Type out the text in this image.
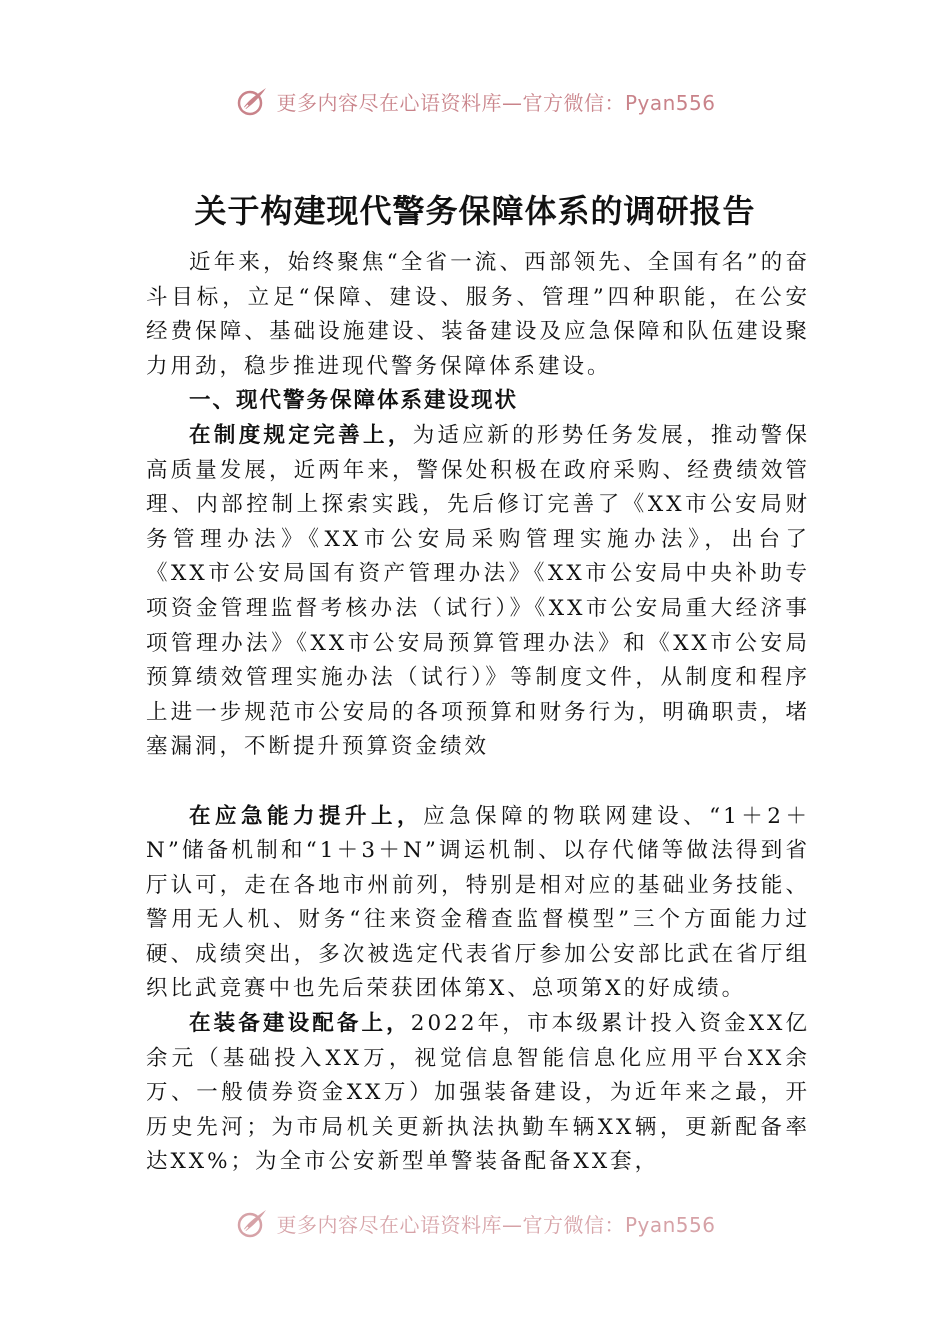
更多内容尽在心语资料库—官方微信：Pyan556
关于构建现代警务保障体系的调研报告

近年来，始终聚焦“全省一流、西部领先、全国有名”的奋斗目标，立足“保障、建设、服务、管理”四种职能，在公安经费保障、基础设施建设、装备建设及应急保障和队伍建设聚力用劲，稳步推进现代警务保障体系建设。

一、现代警务保障体系建设现状

在制度规定完善上，为适应新的形势任务发展，推动警保高质量发展，近两年来，警保处积极在政府采购、经费绩效管理、内部控制上探索实践，先后修订完善了《XX市公安局财务管理办法》《XX市公安局采购管理实施办法》，出台了《XX市公安局国有资产管理办法》《XX市公安局中央补助专项资金管理监督考核办法（试行）》《XX市公安局重大经济事项管理办法》《XX市公安局预算管理办法》和《XX市公安局预算绩效管理实施办法（试行）》等制度文件，从制度和程序上进一步规范市公安局的各项预算和财务行为，明确职责，堵塞漏洞，不断提升预算资金绩效

在应急能力提升上，应急保障的物联网建设、“1＋2＋N”储备机制和“1＋3＋N”调运机制、以存代储等做法得到省厅认可，走在各地市州前列，特别是相对应的基础业务技能、警用无人机、财务“往来资金稽查监督模型”三个方面能力过硬、成绩突出，多次被选定代表省厅参加公安部比武在省厅组织比武竞赛中也先后荣获团体第X、总项第X的好成绩。

在装备建设配备上，2022年，市本级累计投入资金XX亿余元（基础投入XX万，视觉信息智能信息化应用平台XX余万、一般债券资金XX万）加强装备建设，为近年来之最，开历史先河；为市局机关更新执法执勤车辆XX辆，更新配备率达XX%；为全市公安新型单警装备配备XX套，

更多内容尽在心语资料库—官方微信：Pyan556
